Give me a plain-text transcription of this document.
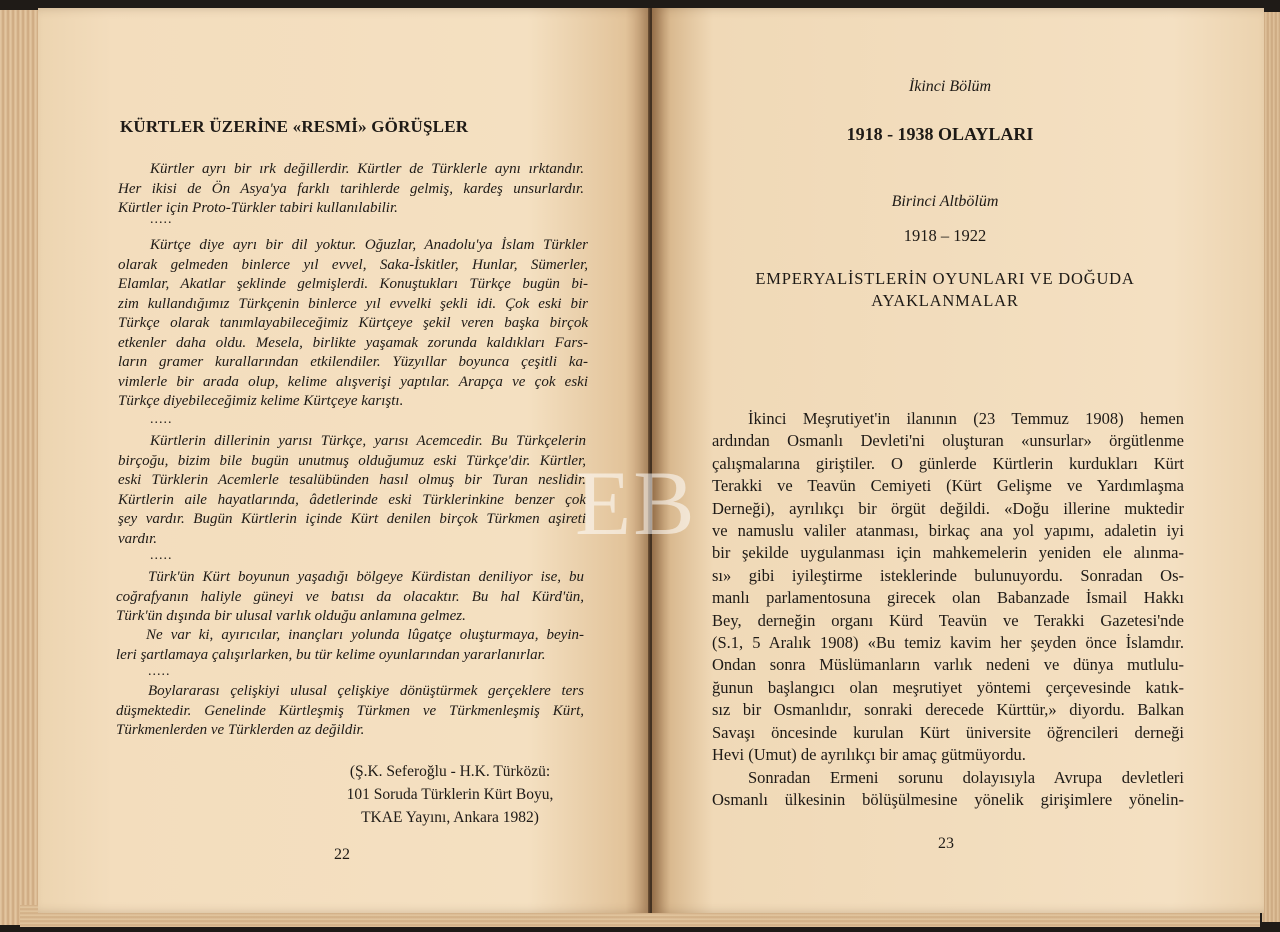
KÜRTLER ÜZERİNE «RESMİ» GÖRÜŞLER

Kürtler ayrı bir ırk değillerdir. Kürtler de Türklerle aynı ırktandır.

Her ikisi de Ön Asya'ya farklı tarihlerde gelmiş, kardeş unsurlardır.

Kürtler için Proto-Türkler tabiri kullanılabilir.

.....

Kürtçe diye ayrı bir dil yoktur. Oğuzlar, Anadolu'ya İslam Türkler

olarak gelmeden binlerce yıl evvel, Saka-İskitler, Hunlar, Sümerler,

Elamlar, Akatlar şeklinde gelmişlerdi. Konuştukları Türkçe bugün bi-

zim kullandığımız Türkçenin binlerce yıl evvelki şekli idi. Çok eski bir

Türkçe olarak tanımlayabileceğimiz Kürtçeye şekil veren başka birçok

etkenler daha oldu. Mesela, birlikte yaşamak zorunda kaldıkları Fars-

ların gramer kurallarından etkilendiler. Yüzyıllar boyunca çeşitli ka-

vimlerle bir arada olup, kelime alışverişi yaptılar. Arapça ve çok eski

Türkçe diyebileceğimiz kelime Kürtçeye karıştı.

.....

Kürtlerin dillerinin yarısı Türkçe, yarısı Acemcedir. Bu Türkçelerin

birçoğu, bizim bile bugün unutmuş olduğumuz eski Türkçe'dir. Kürtler,

eski Türklerin Acemlerle tesalübünden hasıl olmuş bir Turan neslidir.

Kürtlerin aile hayatlarında, âdetlerinde eski Türklerinkine benzer çok

şey vardır. Bugün Kürtlerin içinde Kürt denilen birçok Türkmen aşireti

vardır.

.....

Türk'ün Kürt boyunun yaşadığı bölgeye Kürdistan deniliyor ise, bu

coğrafyanın haliyle güneyi ve batısı da olacaktır. Bu hal Kürd'ün,

Türk'ün dışında bir ulusal varlık olduğu anlamına gelmez.

Ne var ki, ayırıcılar, inançları yolunda lûgatçe oluşturmaya, beyin-

leri şartlamaya çalışırlarken, bu tür kelime oyunlarından yararlanırlar.

.....

Boylararası çelişkiyi ulusal çelişkiye dönüştürmek gerçeklere ters

düşmektedir. Genelinde Kürtleşmiş Türkmen ve Türkmenleşmiş Kürt,

Türkmenlerden ve Türklerden az değildir.

(Ş.K. Seferoğlu - H.K. Türközü:
101 Soruda Türklerin Kürt Boyu,
TKAE Yayını, Ankara 1982)
22
İkinci Bölüm
1918 - 1938 OLAYLARI
Birinci Altbölüm
1918 – 1922
EMPERYALİSTLERİN OYUNLARI VE DOĞUDA
AYAKLANMALAR

İkinci Meşrutiyet'in ilanının (23 Temmuz 1908) hemen

ardından Osmanlı Devleti'ni oluşturan «unsurlar» örgütlenme

çalışmalarına giriştiler. O günlerde Kürtlerin kurdukları Kürt

Terakki ve Teavün Cemiyeti (Kürt Gelişme ve Yardımlaşma

Derneği), ayrılıkçı bir örgüt değildi. «Doğu illerine muktedir

ve namuslu valiler atanması, birkaç ana yol yapımı, adaletin iyi

bir şekilde uygulanması için mahkemelerin yeniden ele alınma-

sı» gibi iyileştirme isteklerinde bulunuyordu. Sonradan Os-

manlı parlamentosuna girecek olan Babanzade İsmail Hakkı

Bey, derneğin organı Kürd Teavün ve Terakki Gazetesi'nde

(S.1, 5 Aralık 1908) «Bu temiz kavim her şeyden önce İslamdır.

Ondan sonra Müslümanların varlık nedeni ve dünya mutlulu-

ğunun başlangıcı olan meşrutiyet yöntemi çerçevesinde katık-

sız bir Osmanlıdır, sonraki derecede Kürttür,» diyordu. Balkan

Savaşı öncesinde kurulan Kürt üniversite öğrencileri derneği

Hevi (Umut) de ayrılıkçı bir amaç gütmüyordu.

Sonradan Ermeni sorunu dolayısıyla Avrupa devletleri

Osmanlı ülkesinin bölüşülmesine yönelik girişimlere yönelin-

23
EB
